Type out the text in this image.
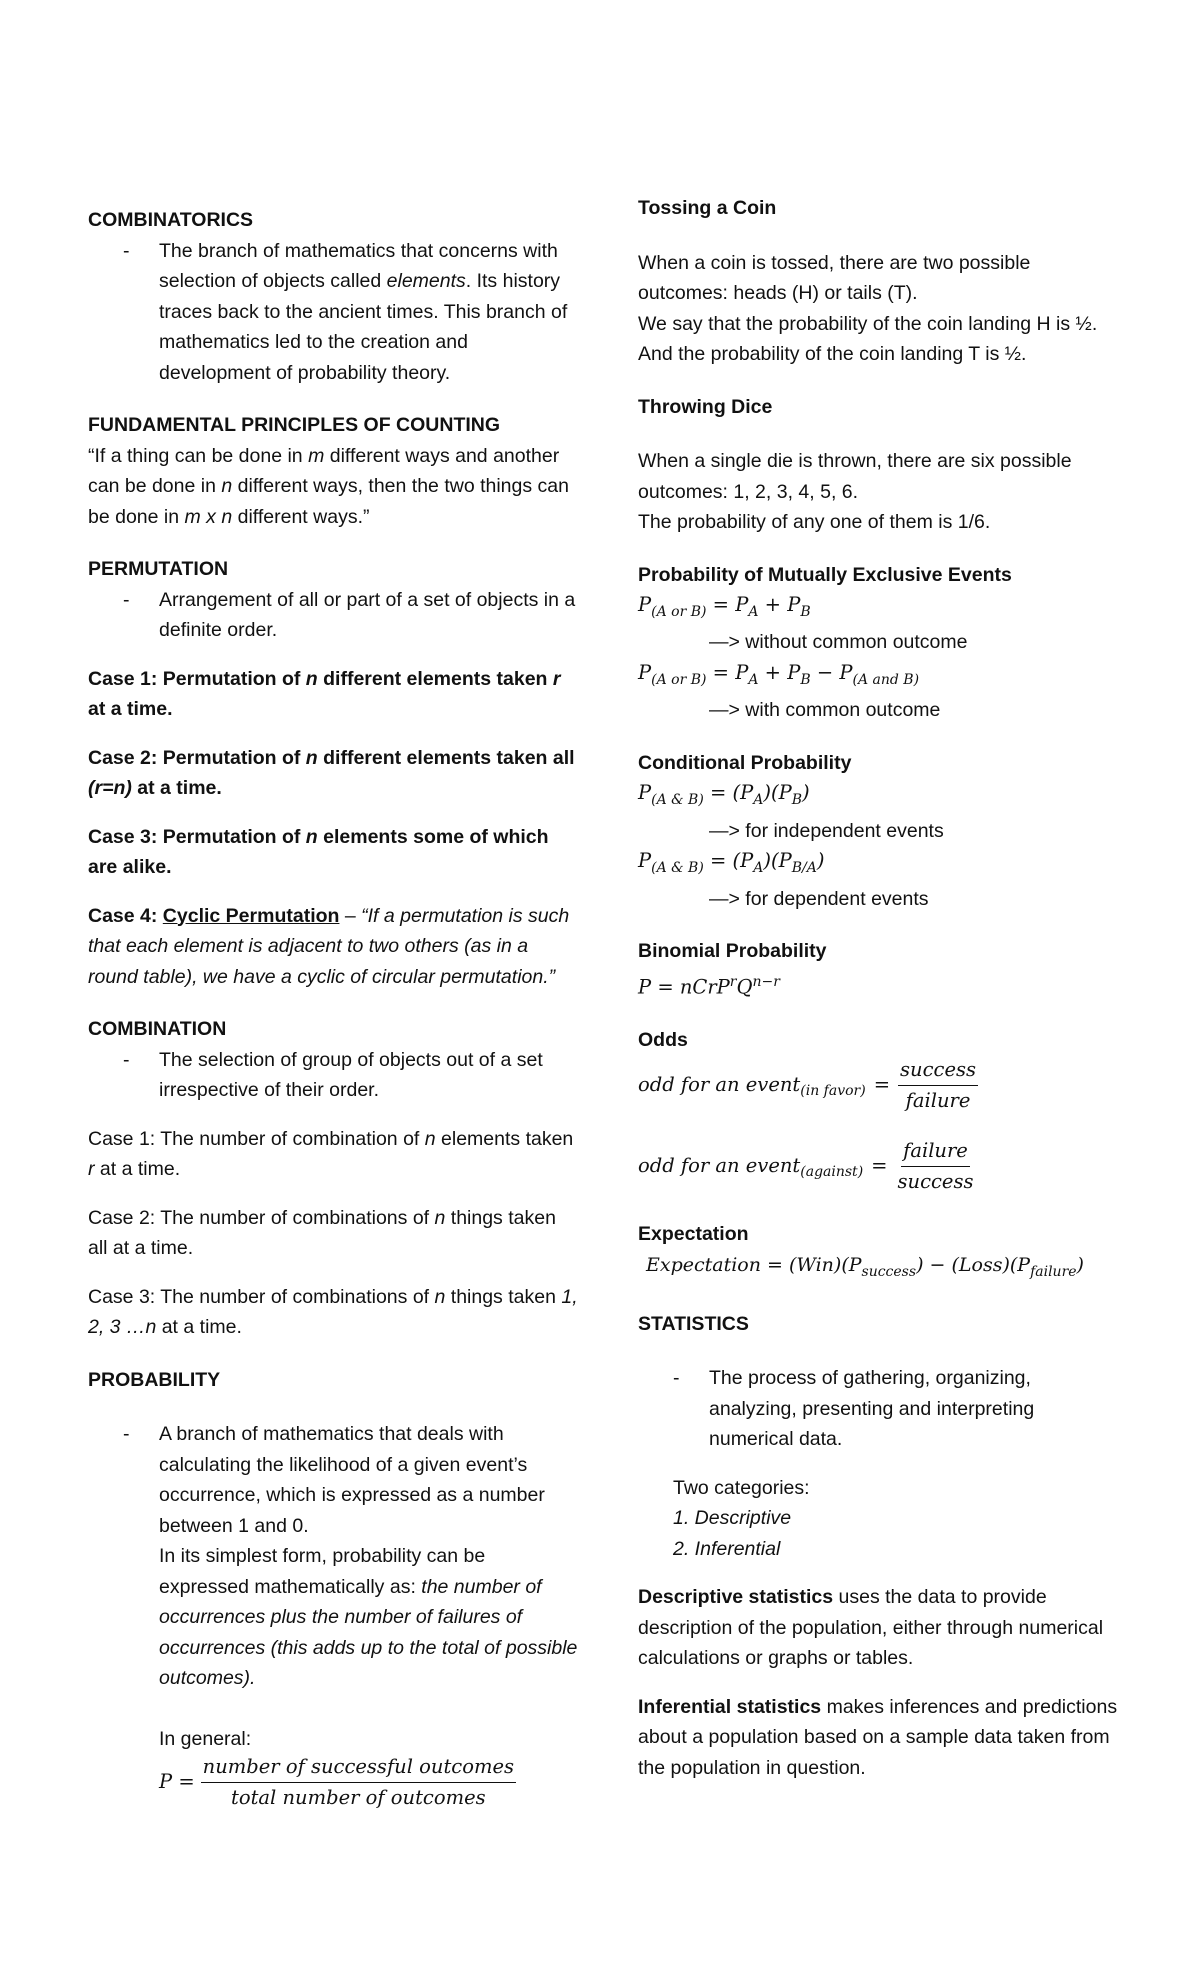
COMBINATORICS

- The branch of mathematics that concerns with selection of objects called elements. Its history traces back to the ancient times. This branch of mathematics led to the creation and development of probability theory.

FUNDAMENTAL PRINCIPLES OF COUNTING

“If a thing can be done in m different ways and another can be done in n different ways, then the two things can be done in m x n different ways.”

PERMUTATION

- Arrangement of all or part of a set of objects in a definite order.

Case 1: Permutation of n different elements taken r at a time.

Case 2: Permutation of n different elements taken all (r=n) at a time.

Case 3: Permutation of n elements some of which are alike.

Case 4: Cyclic Permutation – “If a permutation is such that each element is adjacent to two others (as in a round table), we have a cyclic of circular permutation.”

COMBINATION

- The selection of group of objects out of a set irrespective of their order.

Case 1: The number of combination of n elements taken r at a time.

Case 2: The number of combinations of n things taken all at a time.

Case 3: The number of combinations of n things taken 1, 2, 3 …n at a time.

PROBABILITY

- A branch of mathematics that deals with calculating the likelihood of a given event’s occurrence, which is expressed as a number between 1 and 0.
In its simplest form, probability can be expressed mathematically as: the number of occurrences plus the number of failures of occurrences (this adds up to the total of possible outcomes).
In general:
$P = \frac{\text{number of successful outcomes}}{\text{total number of outcomes}}$

Tossing a Coin

When a coin is tossed, there are two possible outcomes: heads (H) or tails (T).

We say that the probability of the coin landing H is ½.

And the probability of the coin landing T is ½.

Throwing Dice

When a single die is thrown, there are six possible outcomes: 1, 2, 3, 4, 5, 6.

The probability of any one of them is 1/6.

Probability of Mutually Exclusive Events

$P_{(A or B)} = P_A + P_B$
—> without common outcome
$P_{(A or B)} = P_A + P_B - P_{(A and B)}$
—> with common outcome

Conditional Probability

$P_{(A \& B)} = (P_A)(P_B)$
—> for independent events
$P_{(A \& B)} = (P_A)(P_{B/A})$
—> for dependent events

Binomial Probability

$P = nCrP^rQ^{n-r}$

Odds

odd for an event$_{(in favor)}$ = $\frac{\text{success}}{\text{failure}}$
odd for an event$_{(against)}$ = $\frac{\text{failure}}{\text{success}}$

Expectation

Expectation = $(Win)(P_{success})$ − $(Loss)(P_{failure})$

STATISTICS

- The process of gathering, organizing, analyzing, presenting and interpreting numerical data.
Two categories:
1. Descriptive
2. Inferential

Descriptive statistics uses the data to provide description of the population, either through numerical calculations or graphs or tables.

Inferential statistics makes inferences and predictions about a population based on a sample data taken from the population in question.
